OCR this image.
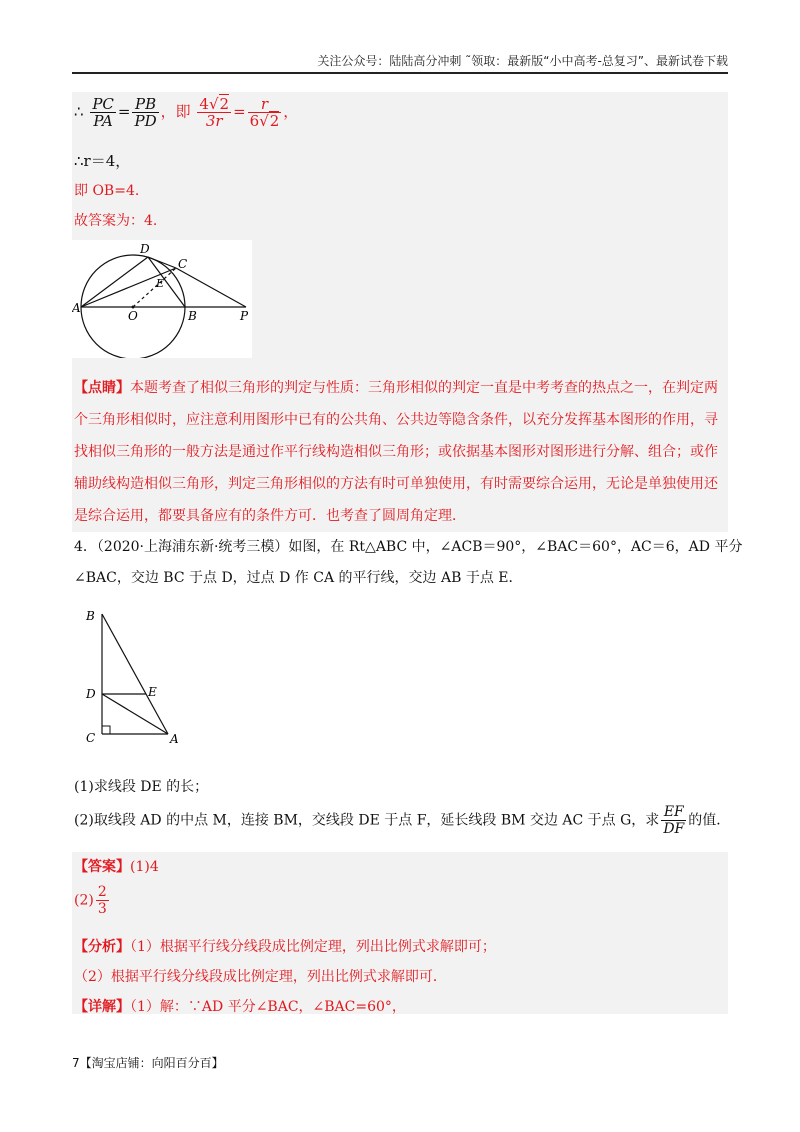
关注公众号：陆陆高分冲刺 ˜领取：最新版“小中高考-总复习”、最新试卷下载
∴ $\frac{PC}{PA} = \frac{PB}{PD}$ ，即 $\frac{4√2}{3r} = \frac{r}{6√2}$ ，
∴r＝4，
即 OB=4.
故答案为：4.
D
C
E
A
O	B	P
【点睛】本题考查了相似三角形的判定与性质：三角形相似的判定一直是中考考查的热点之一，在判定两
个三角形相似时，应注意利用图形中已有的公共角、公共边等隐含条件，以充分发挥基本图形的作用，寻
找相似三角形的一般方法是通过作平行线构造相似三角形；或依据基本图形对图形进行分解、组合；或作
辅助线构造相似三角形，判定三角形相似的方法有时可单独使用，有时需要综合运用，无论是单独使用还
是综合运用，都要具备应有的条件方可．也考查了圆周角定理．
4．（2020·上海浦东新·统考三模）如图，在 Rt△ABC 中，∠ACB＝90°，∠BAC＝60°，AC＝6，AD 平分
∠BAC，交边 BC 于点 D，过点 D 作 CA 的平行线，交边 AB 于点 E．
B
D	E
C	A
(1)求线段 DE 的长；
(2)取线段 AD 的中点 M，连接 BM，交线段 DE 于点 F，延长线段 BM 交边 AC 于点 G，求 $\frac{EF}{DF}$ 的值．
【答案】(1)4
$(2) \frac{2}{3}$
【分析】（1）根据平行线分线段成比例定理，列出比例式求解即可；
（2）根据平行线分线段成比例定理，列出比例式求解即可．
【详解】（1）解：∵AD 平分∠BAC，∠BAC=60°，
7【淘宝店铺：向阳百分百】
